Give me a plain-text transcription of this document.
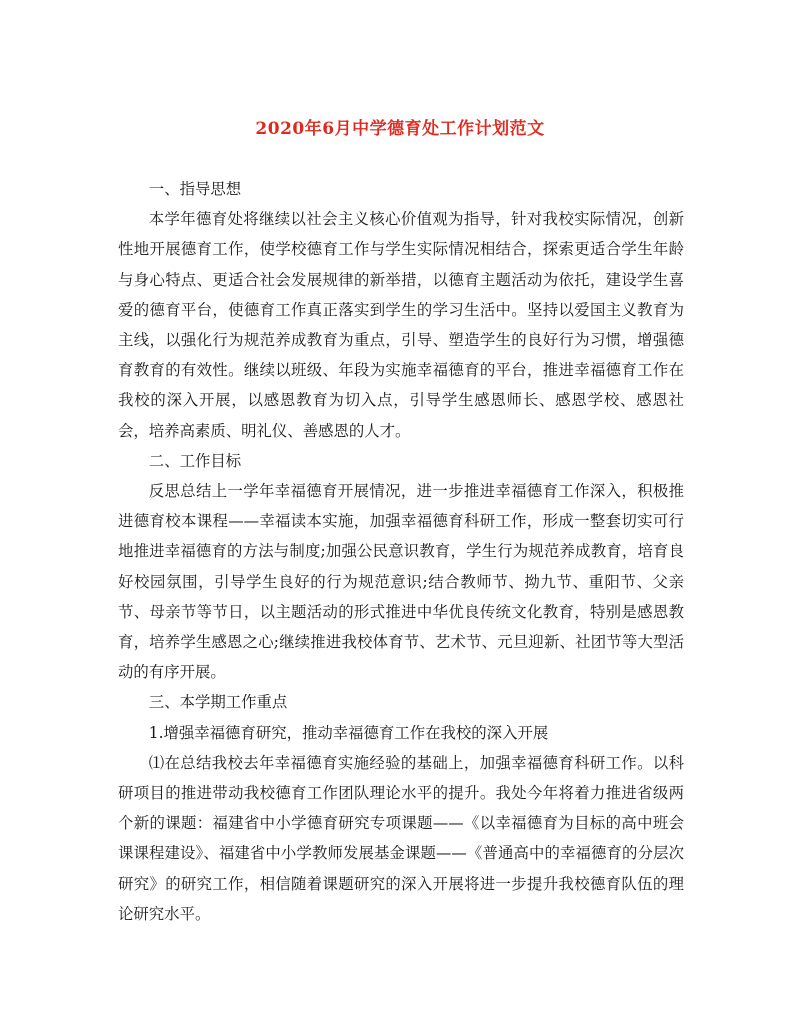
2020年6月中学德育处工作计划范文

一、指导思想

本学年德育处将继续以社会主义核心价值观为指导，针对我校实际情况，创新性地开展德育工作，使学校德育工作与学生实际情况相结合，探索更适合学生年龄与身心特点、更适合社会发展规律的新举措，以德育主题活动为依托，建设学生喜爱的德育平台，使德育工作真正落实到学生的学习生活中。坚持以爱国主义教育为主线，以强化行为规范养成教育为重点，引导、塑造学生的良好行为习惯，增强德育教育的有效性。继续以班级、年段为实施幸福德育的平台，推进幸福德育工作在我校的深入开展，以感恩教育为切入点，引导学生感恩师长、感恩学校、感恩社会，培养高素质、明礼仪、善感恩的人才。

二、工作目标

反思总结上一学年幸福德育开展情况，进一步推进幸福德育工作深入，积极推进德育校本课程——幸福读本实施，加强幸福德育科研工作，形成一整套切实可行地推进幸福德育的方法与制度;加强公民意识教育，学生行为规范养成教育，培育良好校园氛围，引导学生良好的行为规范意识;结合教师节、拗九节、重阳节、父亲节、母亲节等节日，以主题活动的形式推进中华优良传统文化教育，特别是感恩教育，培养学生感恩之心;继续推进我校体育节、艺术节、元旦迎新、社团节等大型活动的有序开展。

三、本学期工作重点

1.增强幸福德育研究，推动幸福德育工作在我校的深入开展

⑴在总结我校去年幸福德育实施经验的基础上，加强幸福德育科研工作。以科研项目的推进带动我校德育工作团队理论水平的提升。我处今年将着力推进省级两个新的课题：福建省中小学德育研究专项课题——《以幸福德育为目标的高中班会课课程建设》、福建省中小学教师发展基金课题——《普通高中的幸福德育的分层次研究》的研究工作，相信随着课题研究的深入开展将进一步提升我校德育队伍的理论研究水平。
